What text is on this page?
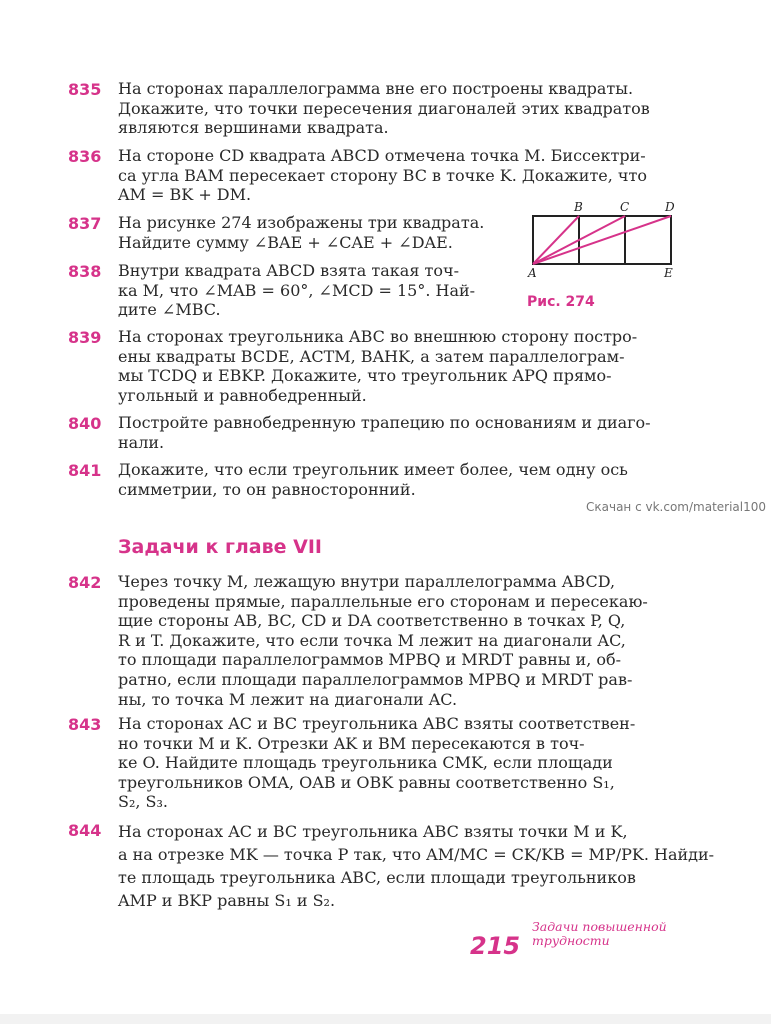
835 На сторонах параллелограмма вне его построены квадраты.
Докажите, что точки пересечения диагоналей этих квадратов
являются вершинами квадрата.
836 На стороне CD квадрата ABCD отмечена точка M. Биссектри-
са угла BAM пересекает сторону BC в точке K. Докажите, что
AM = BK + DM.
837 На рисунке 274 изображены три квадрата.
Найдите сумму ∠BAE + ∠CAE + ∠DAE.
838 Внутри квадрата ABCD взята такая точ-
ка M, что ∠MAB = 60°, ∠MCD = 15°. Най-
дите ∠MBC.
B	C	D
A	E
Рис. 274
839 На сторонах треугольника ABC во внешнюю сторону постро-
ены квадраты BCDE, ACTM, BAHK, а затем параллелограм-
мы TCDQ и EBKP. Докажите, что треугольник APQ прямо-
угольный и равнобедренный.
840 Постройте равнобедренную трапецию по основаниям и диаго-
нали.
841 Докажите, что если треугольник имеет более, чем одну ось
симметрии, то он равносторонний.
Скачан с vk.com/material100
Задачи к главе VII
842 Через точку M, лежащую внутри параллелограмма ABCD,
проведены прямые, параллельные его сторонам и пересекаю-
щие стороны AB, BC, CD и DA соответственно в точках P, Q,
R и T. Докажите, что если точка M лежит на диагонали AC,
то площади параллелограммов MPBQ и MRDT равны и, об-
ратно, если площади параллелограммов MPBQ и MRDT рав-
ны, то точка M лежит на диагонали AC.
843 На сторонах AC и BC треугольника ABC взяты соответствен-
но точки M и K. Отрезки AK и BM пересекаются в точ-
ке O. Найдите площадь треугольника CMK, если площади
треугольников OMA, OAB и OBK равны соответственно S₁,
S₂, S₃.
844 На сторонах AC и BC треугольника ABC взяты точки M и K,
а на отрезке MK — точка P так, что AM/MC = CK/KB = MP/PK. Найди-
те площадь треугольника ABC, если площади треугольников
AMP и BKP равны S₁ и S₂.
215
Задачи повышенной
трудности
